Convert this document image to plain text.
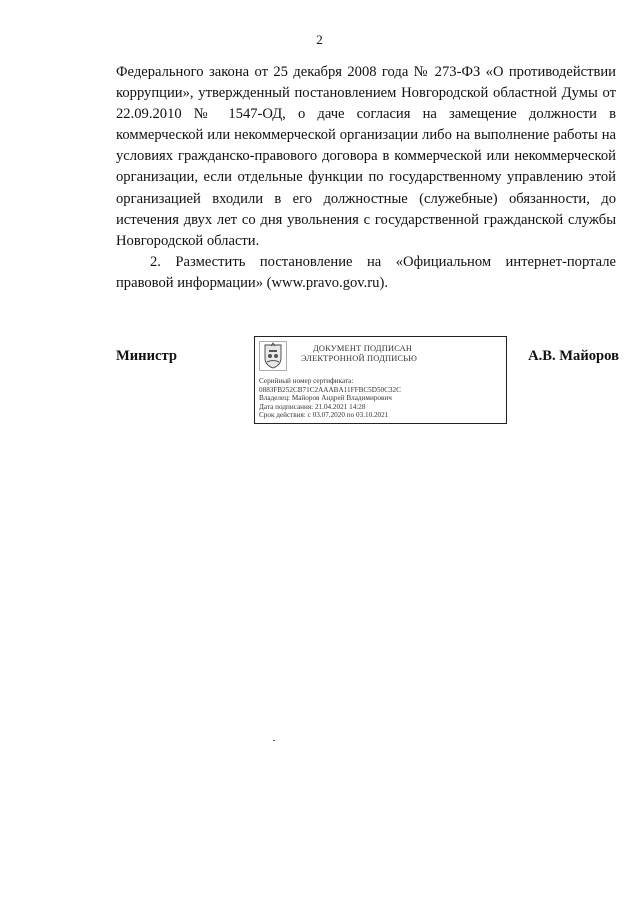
2

Федерального закона от 25 декабря 2008 года № 273-ФЗ «О противодействии коррупции», утвержденный постановлением Новгородской областной Думы от 22.09.2010 № 1547-ОД, о даче согласия на замещение должности в коммерческой или некоммерческой организации либо на выполнение работы на условиях гражданско-правового договора в коммерческой или некоммерческой организации, если отдельные функции по государственному управлению этой организацией входили в его должностные (служебные) обязанности, до истечения двух лет со дня увольнения с государственной гражданской службы Новгородской области.

2. Разместить постановление на «Официальном интернет-портале правовой информации» (www.pravo.gov.ru).

Министр	ДОКУМЕНТ ПОДПИСАН
ЭЛЕКТРОННОЙ ПОДПИСЬЮ
Серийный номер сертификата:
0883FB252CB71C2AAABA11FFBC5D50C32C
Владелец: Майоров Андрей Владимирович
Дата подписания: 21.04.2021 14:28
Срок действия: с 03.07.2020 по 03.10.2021
А.В. Майоров
